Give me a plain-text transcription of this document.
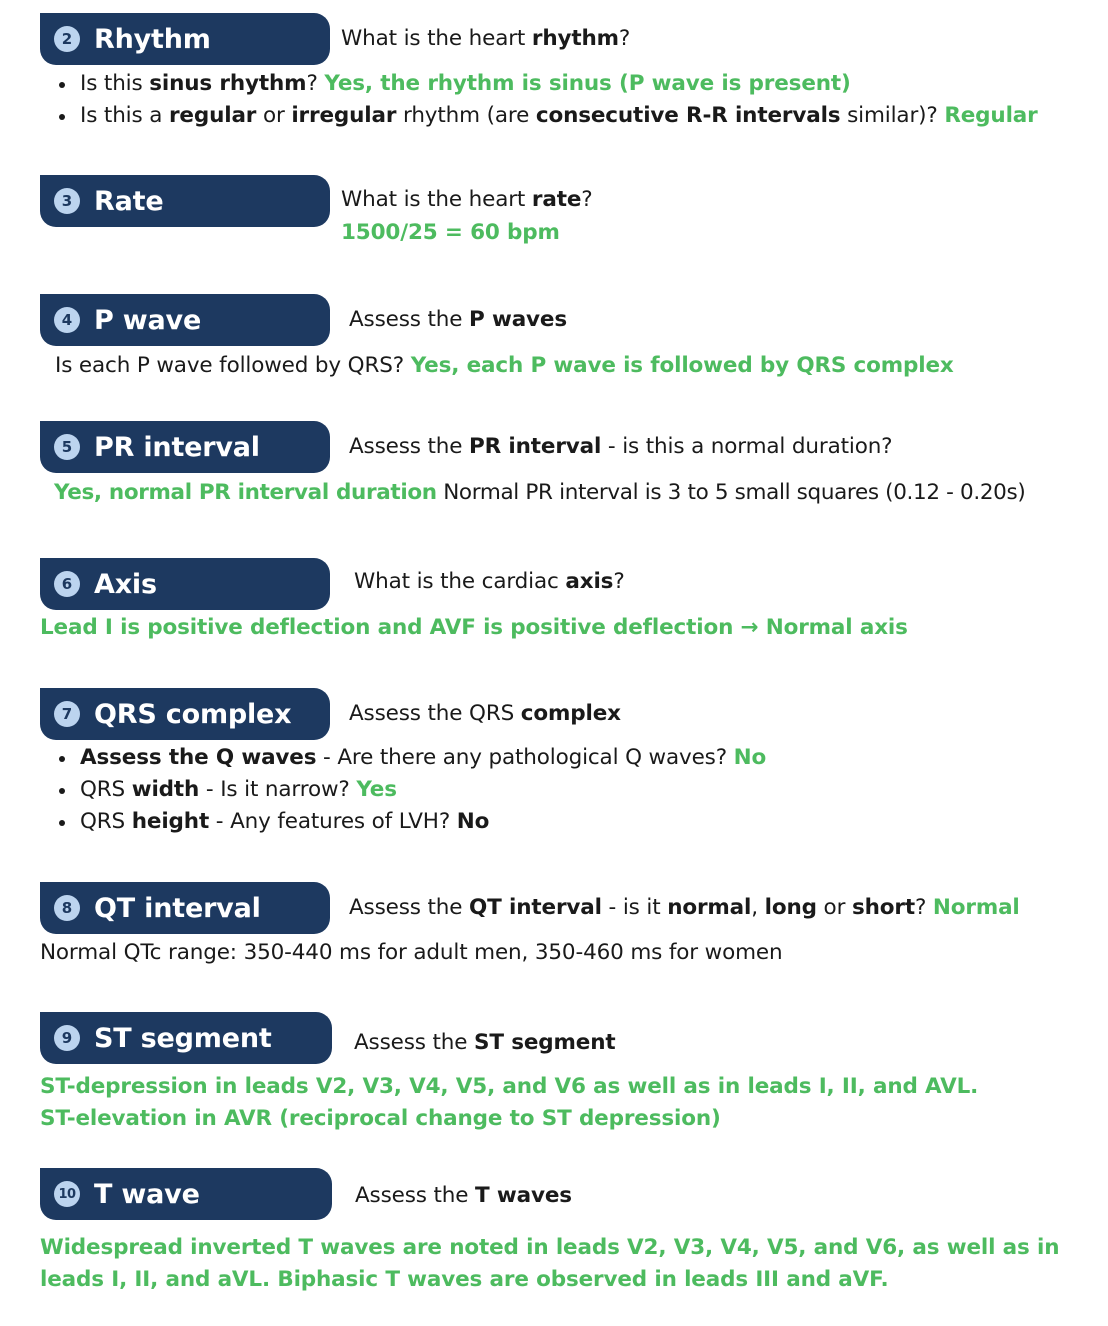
2 Rhythm	What is the heart rhythm?
Is this sinus rhythm? Yes, the rhythm is sinus (P wave is present)
Is this a regular or irregular rhythm (are consecutive R-R intervals similar)? Regular
3 Rate	What is the heart rate?
1500/25 = 60 bpm
4 P wave	Assess the P waves
Is each P wave followed by QRS? Yes, each P wave is followed by QRS complex
5 PR interval	Assess the PR interval - is this a normal duration?
Yes, normal PR interval duration Normal PR interval is 3 to 5 small squares (0.12 - 0.20s)
6 Axis	What is the cardiac axis?
Lead I is positive deflection and AVF is positive deflection → Normal axis
7 QRS complex	Assess the QRS complex
Assess the Q waves - Are there any pathological Q waves? No
QRS width - Is it narrow? Yes
QRS height - Any features of LVH? No
8 QT interval	Assess the QT interval - is it normal, long or short? Normal
Normal QTc range: 350-440 ms for adult men, 350-460 ms for women
9 ST segment	Assess the ST segment
ST-depression in leads V2, V3, V4, V5, and V6 as well as in leads I, II, and AVL.
ST-elevation in AVR (reciprocal change to ST depression)
10 T wave	Assess the T waves
Widespread inverted T waves are noted in leads V2, V3, V4, V5, and V6, as well as in
leads I, II, and aVL. Biphasic T waves are observed in leads III and aVF.
